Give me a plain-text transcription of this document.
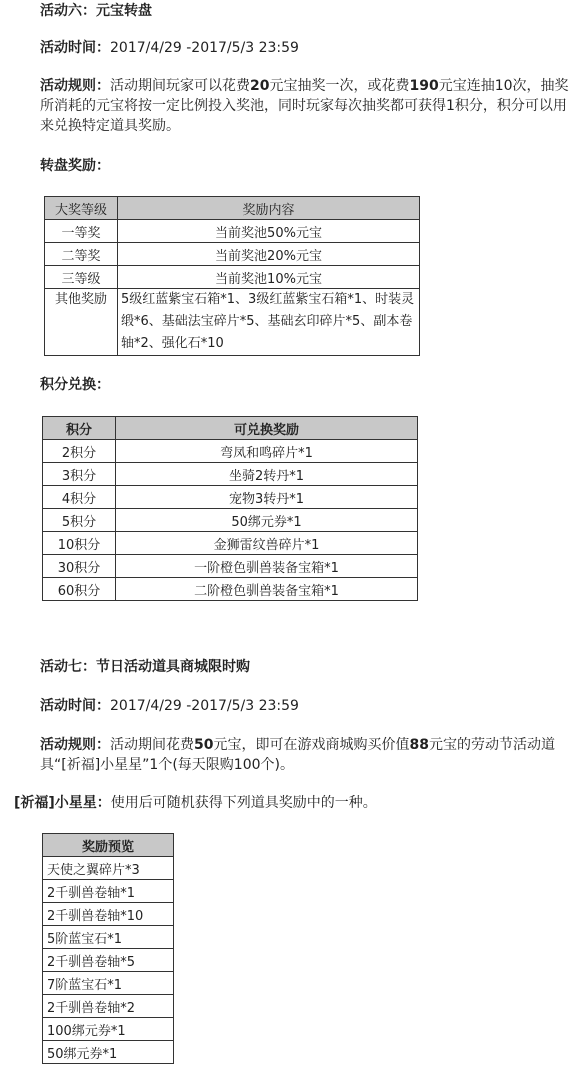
活动六：元宝转盘
活动时间：2017/4/29 -2017/5/3 23:59
活动规则：活动期间玩家可以花费20元宝抽奖一次，或花费190元宝连抽10次，抽奖所消耗的元宝将按一定比例投入奖池，同时玩家每次抽奖都可获得1积分，积分可以用来兑换特定道具奖励。
转盘奖励：
大奖等级	奖励内容
一等奖	当前奖池50%元宝
二等奖	当前奖池20%元宝
三等级	当前奖池10%元宝
其他奖励	5级红蓝紫宝石箱*1、3级红蓝紫宝石箱*1、时装灵缎*6、基础法宝碎片*5、基础玄印碎片*5、副本卷轴*2、强化石*10
积分兑换：
积分	可兑换奖励
2积分	弯凤和鸣碎片*1
3积分	坐骑2转丹*1
4积分	宠物3转丹*1
5积分	50绑元券*1
10积分	金狮雷纹兽碎片*1
30积分	一阶橙色驯兽装备宝箱*1
60积分	二阶橙色驯兽装备宝箱*1
活动七：节日活动道具商城限时购
活动时间：2017/4/29 -2017/5/3 23:59
活动规则：活动期间花费50元宝，即可在游戏商城购买价值88元宝的劳动节活动道具“[祈福]小星星”1个(每天限购100个)。
[祈福]小星星：使用后可随机获得下列道具奖励中的一种。
奖励预览
天使之翼碎片*3
2千驯兽卷轴*1
2千驯兽卷轴*10
5阶蓝宝石*1
2千驯兽卷轴*5
7阶蓝宝石*1
2千驯兽卷轴*2
100绑元券*1
50绑元券*1
